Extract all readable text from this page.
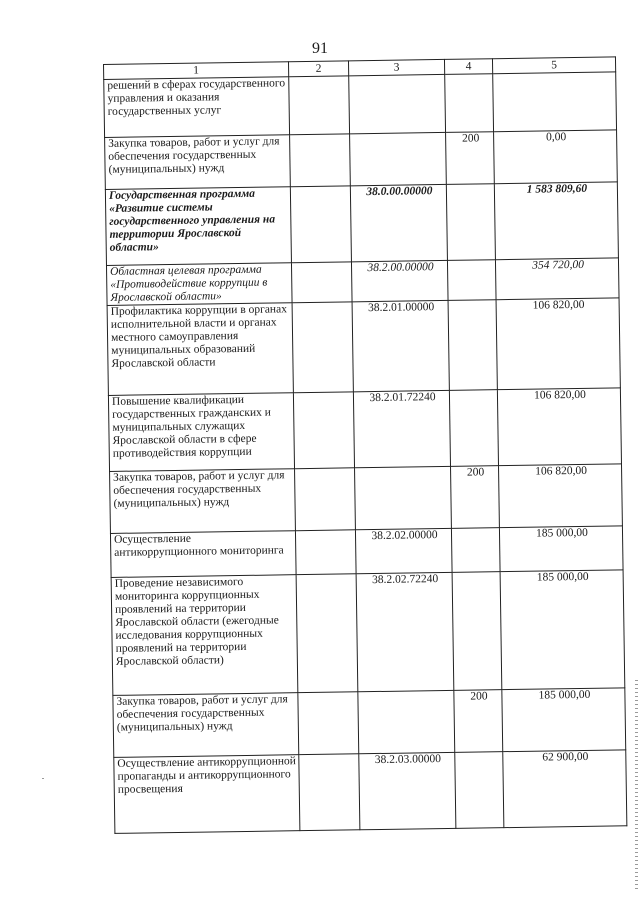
91
1	2	3	4	5
решений в сферах государственного управления и оказания государственных услуг				
Закупка товаров, работ и услуг для обеспечения государственных (муниципальных) нужд			200	0,00
Государственная программа «Развитие системы государственного управления на территории Ярославской области»		38.0.00.00000		1 583 809,60
Областная целевая программа «Противодействие коррупции в Ярославской области»		38.2.00.00000		354 720,00
Профилактика коррупции в органах исполнительной власти и органах местного самоуправления муниципальных образований Ярославской области		38.2.01.00000		106 820,00
Повышение квалификации государственных гражданских и муниципальных служащих Ярославской области в сфере противодействия коррупции		38.2.01.72240		106 820,00
Закупка товаров, работ и услуг для обеспечения государственных (муниципальных) нужд			200	106 820,00
Осуществление антикоррупционного мониторинга		38.2.02.00000		185 000,00
Проведение независимого мониторинга коррупционных проявлений на территории Ярославской области (ежегодные исследования коррупционных проявлений на территории Ярославской области)		38.2.02.72240		185 000,00
Закупка товаров, работ и услуг для обеспечения государственных (муниципальных) нужд			200	185 000,00
Осуществление антикоррупционной пропаганды и антикоррупционного просвещения		38.2.03.00000		62 900,00
